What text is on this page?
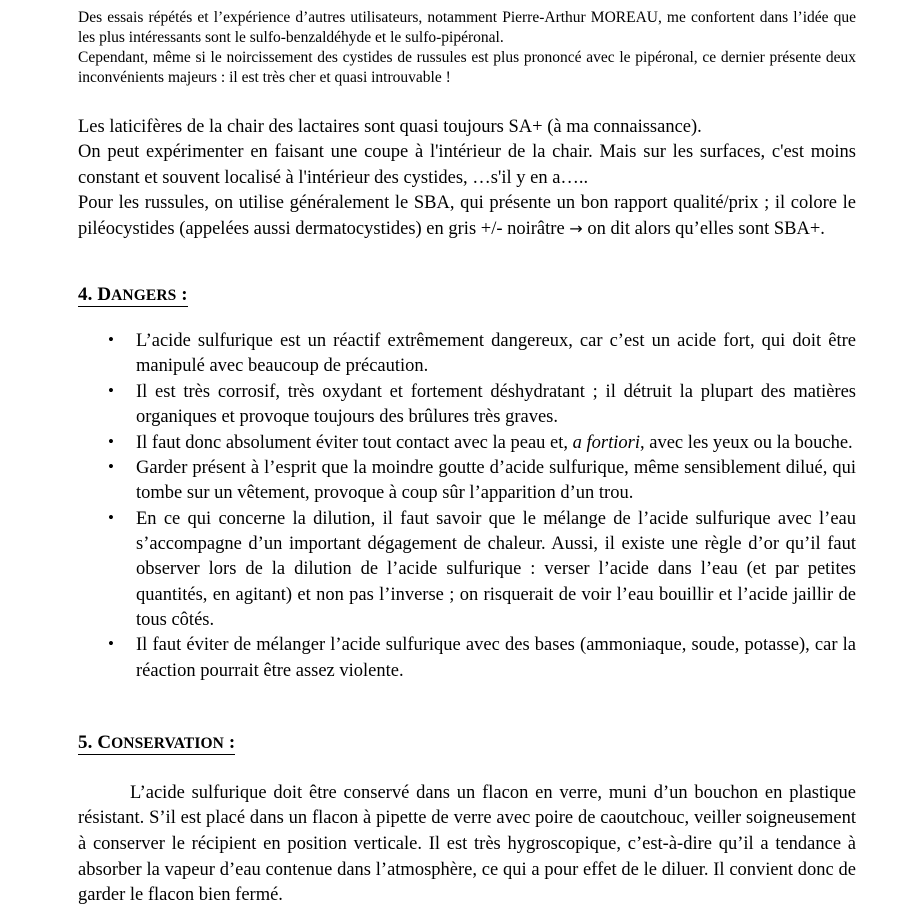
Des essais répétés et l’expérience d’autres utilisateurs, notamment Pierre-Arthur MOREAU, me confortent dans l’idée que les plus intéressants sont le sulfo-benzaldéhyde et le sulfo-pipéronal.

Cependant, même si le noircissement des cystides de russules est plus prononcé avec le pipéronal, ce dernier présente deux inconvénients majeurs : il est très cher et quasi introuvable !

Les laticifères de la chair des lactaires sont quasi toujours SA+ (à ma connaissance).

On peut expérimenter en faisant une coupe à l'intérieur de la chair. Mais sur les surfaces, c'est moins constant et souvent localisé à l'intérieur des cystides, …s'il y en a…..

Pour les russules, on utilise généralement le SBA, qui présente un bon rapport qualité/prix ; il colore le piléocystides (appelées aussi dermatocystides) en gris +/- noirâtre → on dit alors qu’elles sont SBA+.

4. DANGERS :
• L’acide sulfurique est un réactif extrêmement dangereux, car c’est un acide fort, qui doit être manipulé avec beaucoup de précaution.
• Il est très corrosif, très oxydant et fortement déshydratant ; il détruit la plupart des matières organiques et provoque toujours des brûlures très graves.
• Il faut donc absolument éviter tout contact avec la peau et, a fortiori, avec les yeux ou la bouche.
• Garder présent à l’esprit que la moindre goutte d’acide sulfurique, même sensiblement dilué, qui tombe sur un vêtement, provoque à coup sûr l’apparition d’un trou.
• En ce qui concerne la dilution, il faut savoir que le mélange de l’acide sulfurique avec l’eau s’accompagne d’un important dégagement de chaleur. Aussi, il existe une règle d’or qu’il faut observer lors de la dilution de l’acide sulfurique : verser l’acide dans l’eau (et par petites quantités, en agitant) et non pas l’inverse ; on risquerait de voir l’eau bouillir et l’acide jaillir de tous côtés.
• Il faut éviter de mélanger l’acide sulfurique avec des bases (ammoniaque, soude, potasse), car la réaction pourrait être assez violente.
5. CONSERVATION :

L’acide sulfurique doit être conservé dans un flacon en verre, muni d’un bouchon en plastique résistant. S’il est placé dans un flacon à pipette de verre avec poire de caoutchouc, veiller soigneusement à conserver le récipient en position verticale. Il est très hygroscopique, c’est-à-dire qu’il a tendance à absorber la vapeur d’eau contenue dans l’atmosphère, ce qui a pour effet de le diluer. Il convient donc de garder le flacon bien fermé.
